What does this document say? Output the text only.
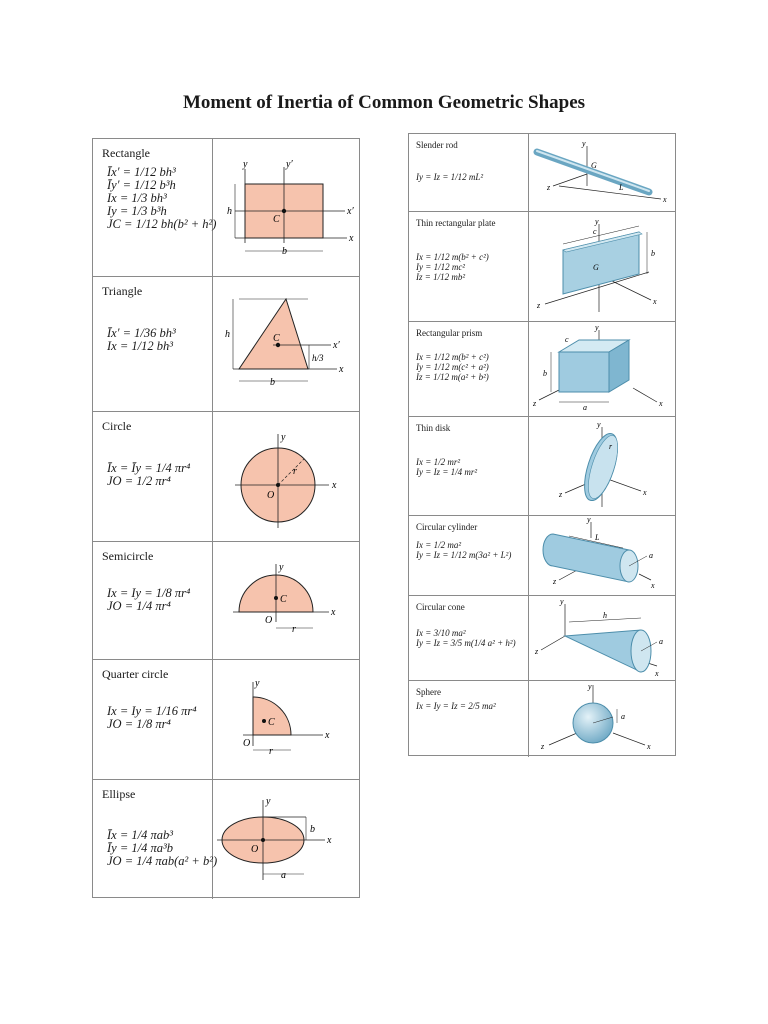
Moment of Inertia of Common Geometric Shapes
Rectangle
Īx′ = 1/12 bh³
Īy′ = 1/12 b³h
Ix = 1/3 bh³
Iy = 1/3 b³h
JC = 1/12 bh(b² + h²)
y	y′
x′
x
h
b
C
Triangle
Īx′ = 1/36 bh³
Ix = 1/12 bh³
h	C
x′
x
h/3
b
Circle
Īx = Īy = 1/4 πr⁴
JO = 1/2 πr⁴
y
x
r
O
Semicircle
Ix = Iy = 1/8 πr⁴
JO = 1/4 πr⁴
y
x
C
O
r
Quarter circle
Ix = Iy = 1/16 πr⁴
JO = 1/8 πr⁴
y
x
C
O
r
Ellipse
Īx = 1/4 πab³
Īy = 1/4 πa³b
JO = 1/4 πab(a² + b²)
y
x
b
O
a
Slender rod
Iy = Iz = 1/12 mL²
y
G
x
z	L
Thin rectangular plate
Ix = 1/12 m(b² + c²)
Iy = 1/12 mc²
Iz = 1/12 mb²
y
G
b
c
x
z
Rectangular prism
Ix = 1/12 m(b² + c²)
Iy = 1/12 m(c² + a²)
Iz = 1/12 m(a² + b²)
y
b
c
a	x
z
Thin disk
Ix = 1/2 mr²
Iy = Iz = 1/4 mr²
y
r
x
z
Circular cylinder
Ix = 1/2 ma²
Iy = Iz = 1/12 m(3a² + L²)
y
L
a
x
z
Circular cone
Ix = 3/10 ma²
Iy = Iz = 3/5 m(1/4 a² + h²)
y
h
a
x
z
Sphere
Ix = Iy = Iz = 2/5 ma²
y
a
x
z
